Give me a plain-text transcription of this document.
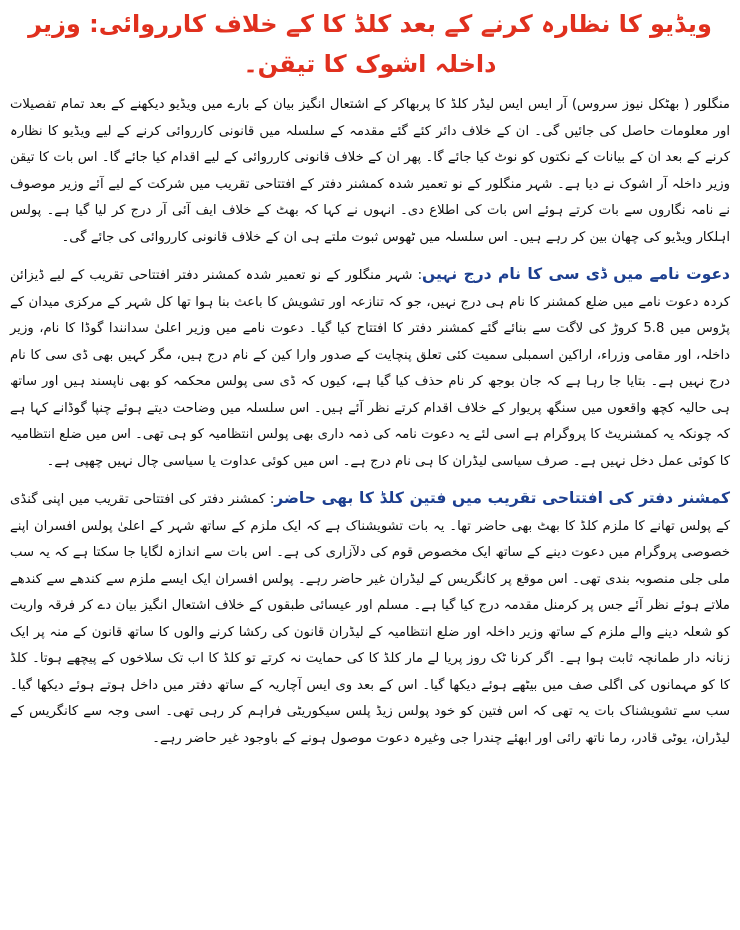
ویڈیو کا نظارہ کرنے کے بعد کلڈ کا کے خلاف کارروائی: وزیر داخلہ اشوک کا تیقن۔

منگلور ( بھٹکل نیوز سروس) آر ایس ایس لیڈر کلڈ کا پربھاکر کے اشتعال انگیز بیان کے بارے میں ویڈیو دیکھنے کے بعد تمام تفصیلات اور معلومات حاصل کی جائیں گی۔ ان کے خلاف دائر کئے گئے مقدمہ کے سلسلہ میں قانونی کارروائی کرنے کے لیے ویڈیو کا نظارہ کرنے کے بعد ان کے بیانات کے نکتوں کو نوٹ کیا جائے گا۔ پھر ان کے خلاف قانونی کارروائی کے لیے اقدام کیا جائے گا۔ اس بات کا تیقن وزیر داخلہ آر اشوک نے دیا ہے۔ شہر منگلور کے نو تعمیر شدہ کمشنر دفتر کے افتتاحی تقریب میں شرکت کے لیے آئے وزیر موصوف نے نامہ نگاروں سے بات کرتے ہوئے اس بات کی اطلاع دی۔ انہوں نے کہا کہ بھٹ کے خلاف ایف آئی آر درج کر لیا گیا ہے۔ پولس اہلکار ویڈیو کی چھان بین کر رہے ہیں۔ اس سلسلہ میں ٹھوس ثبوت ملتے ہی ان کے خلاف قانونی کارروائی کی جائے گی۔

دعوت نامے میں ڈی سی کا نام درج نہیں: شہر منگلور کے نو تعمیر شدہ کمشنر دفتر افتتاحی تقریب کے لیے ڈیزائن کردہ دعوت نامے میں ضلع کمشنر کا نام ہی درج نہیں، جو کہ تنازعہ اور تشویش کا باعث بنا ہوا تھا کل شہر کے مرکزی میدان کے پڑوس میں 5.8 کروڑ کی لاگت سے بنائے گئے کمشنر دفتر کا افتتاح کیا گیا۔ دعوت نامے میں وزیر اعلیٰ سدانندا گوڈا کا نام، وزیر داخلہ، اور مقامی وزراء، اراکین اسمبلی سمیت کئی تعلق پنچایت کے صدور وارا کین کے نام درج ہیں، مگر کہیں بھی ڈی سی کا نام درج نہیں ہے۔ بتایا جا رہا ہے کہ جان بوجھ کر نام حذف کیا گیا ہے، کیوں کہ ڈی سی پولس محکمہ کو بھی ناپسند ہیں اور ساتھ ہی حالیہ کچھ واقعوں میں سنگھ پریوار کے خلاف اقدام کرتے نظر آئے ہیں۔ اس سلسلہ میں وضاحت دیتے ہوئے چنپا گوڈانے کہا ہے کہ چونکہ یہ کمشنریٹ کا پروگرام ہے اسی لئے یہ دعوت نامہ کی ذمہ داری بھی پولس انتظامیہ کو ہی تھی۔ اس میں ضلع انتظامیہ کا کوئی عمل دخل نہیں ہے۔ صرف سیاسی لیڈران کا ہی نام درج ہے۔ اس میں کوئی عداوت یا سیاسی چال نہیں چھپی ہے۔

کمشنر دفتر کی افتتاحی تقریب میں فتین کلڈ کا بھی حاضر: کمشنر دفتر کی افتتاحی تقریب میں اپنی گنڈی کے پولس تھانے کا ملزم کلڈ کا بھٹ بھی حاضر تھا۔ یہ بات تشویشناک ہے کہ ایک ملزم کے ساتھ شہر کے اعلیٰ پولس افسران اپنے خصوصی پروگرام میں دعوت دینے کے ساتھ ایک مخصوص قوم کی دلآزاری کی ہے۔ اس بات سے اندازہ لگایا جا سکتا ہے کہ یہ سب ملی جلی منصوبہ بندی تھی۔ اس موقع پر کانگریس کے لیڈران غیر حاضر رہے۔ پولس افسران ایک ایسے ملزم سے کندھے سے کندھے ملاتے ہوئے نظر آئے جس پر کرمنل مقدمہ درج کیا گیا ہے۔ مسلم اور عیسائی طبقوں کے خلاف اشتعال انگیز بیان دے کر فرقہ واریت کو شعلہ دینے والے ملزم کے ساتھ وزیر داخلہ اور ضلع انتظامیہ کے لیڈران قانون کی رکشا کرنے والوں کا ساتھ قانون کے منہ پر ایک زنانہ دار طمانچہ ثابت ہوا ہے۔ اگر کرنا ٹک روز پریا لے مار کلڈ کا کی حمایت نہ کرتے تو کلڈ کا اب تک سلاخوں کے پیچھے ہوتا۔ کلڈ کا کو مہمانوں کی اگلی صف میں بیٹھے ہوئے دیکھا گیا۔ اس کے بعد وی ایس آچاریہ کے ساتھ دفتر میں داخل ہوتے ہوئے دیکھا گیا۔ سب سے تشویشناک بات یہ تھی کہ اس فتین کو خود پولس زیڈ پلس سیکوریٹی فراہم کر رہی تھی۔ اسی وجہ سے کانگریس کے لیڈران، یوٹی قادر، رما ناتھ رائی اور ابھئے چندرا جی وغیرہ دعوت موصول ہونے کے باوجود غیر حاضر رہے۔
